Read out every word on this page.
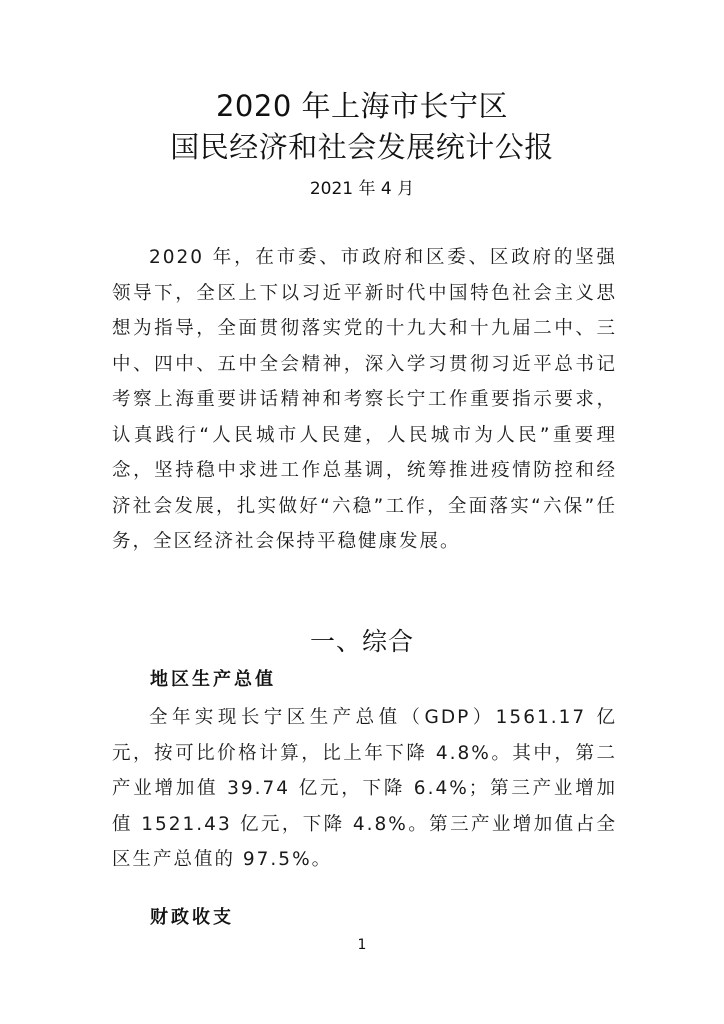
2020 年上海市长宁区
国民经济和社会发展统计公报
2021 年 4 月

2020 年，在市委、市政府和区委、区政府的坚强领导下，全区上下以习近平新时代中国特色社会主义思想为指导，全面贯彻落实党的十九大和十九届二中、三中、四中、五中全会精神，深入学习贯彻习近平总书记考察上海重要讲话精神和考察长宁工作重要指示要求，认真践行“人民城市人民建，人民城市为人民”重要理念，坚持稳中求进工作总基调，统筹推进疫情防控和经济社会发展，扎实做好“六稳”工作，全面落实“六保”任务，全区经济社会保持平稳健康发展。

一、综合
地区生产总值

全年实现长宁区生产总值（GDP）1561.17 亿元，按可比价格计算，比上年下降 4.8%。其中，第二产业增加值 39.74 亿元，下降 6.4%；第三产业增加值 1521.43 亿元，下降 4.8%。第三产业增加值占全区生产总值的 97.5%。

财政收支
1
